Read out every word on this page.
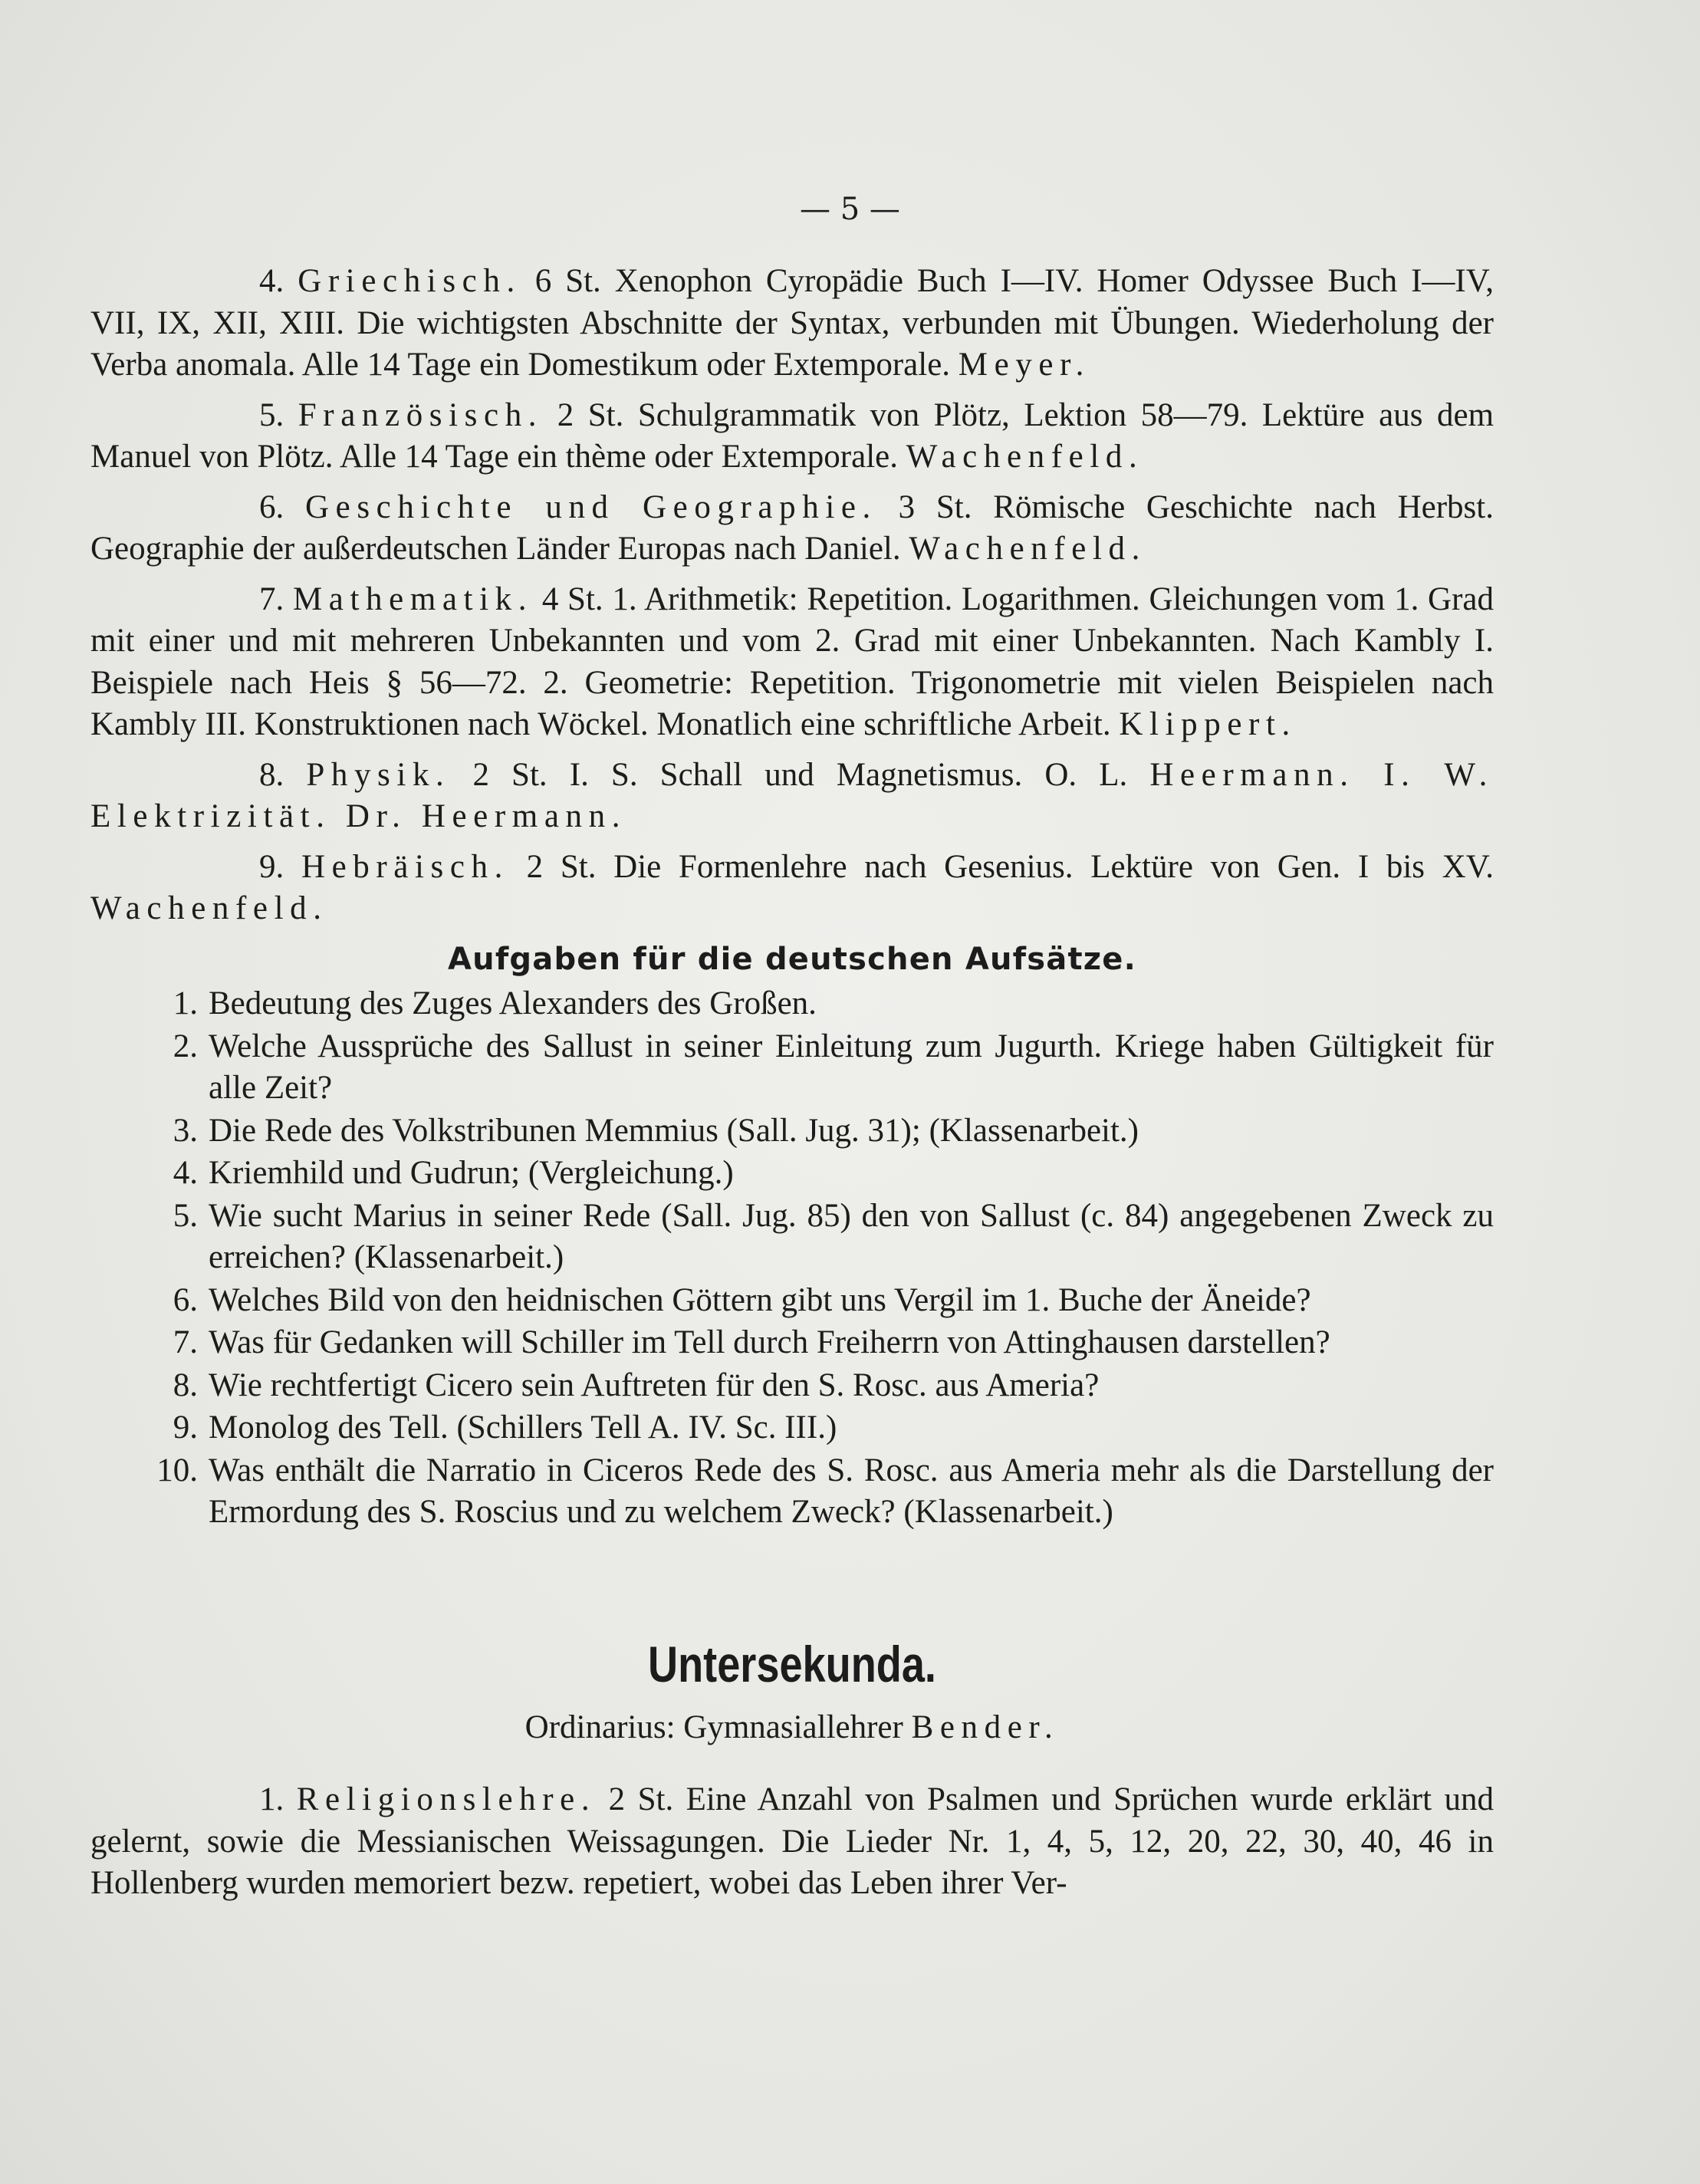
— 5 —

4. Griechisch. 6 St. Xenophon Cyropädie Buch I—IV. Homer Odyssee Buch I—IV, VII, IX, XII, XIII. Die wichtigsten Abschnitte der Syntax, verbunden mit Übungen. Wiederholung der Verba anomala. Alle 14 Tage ein Domestikum oder Extemporale. Meyer.

5. Französisch. 2 St. Schulgrammatik von Plötz, Lektion 58—79. Lektüre aus dem Manuel von Plötz. Alle 14 Tage ein thème oder Extemporale. Wachenfeld.

6. Geschichte und Geographie. 3 St. Römische Geschichte nach Herbst. Geographie der außerdeutschen Länder Europas nach Daniel. Wachenfeld.

7. Mathematik. 4 St. 1. Arithmetik: Repetition. Logarithmen. Gleichungen vom 1. Grad mit einer und mit mehreren Unbekannten und vom 2. Grad mit einer Unbekannten. Nach Kambly I. Beispiele nach Heis § 56—72. 2. Geometrie: Repetition. Trigonometrie mit vielen Beispielen nach Kambly III. Konstruktionen nach Wöckel. Monatlich eine schriftliche Arbeit. Klippert.

8. Physik. 2 St. I. S. Schall und Magnetismus. O. L. Heermann. I. W. Elektrizität. Dr. Heermann.

9. Hebräisch. 2 St. Die Formenlehre nach Gesenius. Lektüre von Gen. I bis XV. Wachenfeld.

Aufgaben für die deutschen Aufsätze.
1. Bedeutung des Zuges Alexanders des Großen.
2. Welche Aussprüche des Sallust in seiner Einleitung zum Jugurth. Kriege haben Gültigkeit für alle Zeit?
3. Die Rede des Volkstribunen Memmius (Sall. Jug. 31); (Klassenarbeit.)
4. Kriemhild und Gudrun; (Vergleichung.)
5. Wie sucht Marius in seiner Rede (Sall. Jug. 85) den von Sallust (c. 84) angegebenen Zweck zu erreichen? (Klassenarbeit.)
6. Welches Bild von den heidnischen Göttern gibt uns Vergil im 1. Buche der Äneide?
7. Was für Gedanken will Schiller im Tell durch Freiherrn von Attinghausen darstellen?
8. Wie rechtfertigt Cicero sein Auftreten für den S. Rosc. aus Ameria?
9. Monolog des Tell. (Schillers Tell A. IV. Sc. III.)
10. Was enthält die Narratio in Ciceros Rede des S. Rosc. aus Ameria mehr als die Darstellung der Ermordung des S. Roscius und zu welchem Zweck? (Klassenarbeit.)
Untersekunda.
Ordinarius: Gymnasiallehrer Bender.

1. Religionslehre. 2 St. Eine Anzahl von Psalmen und Sprüchen wurde erklärt und gelernt, sowie die Messianischen Weissagungen. Die Lieder Nr. 1, 4, 5, 12, 20, 22, 30, 40, 46 in Hollenberg wurden memoriert bezw. repetiert, wobei das Leben ihrer Ver-
